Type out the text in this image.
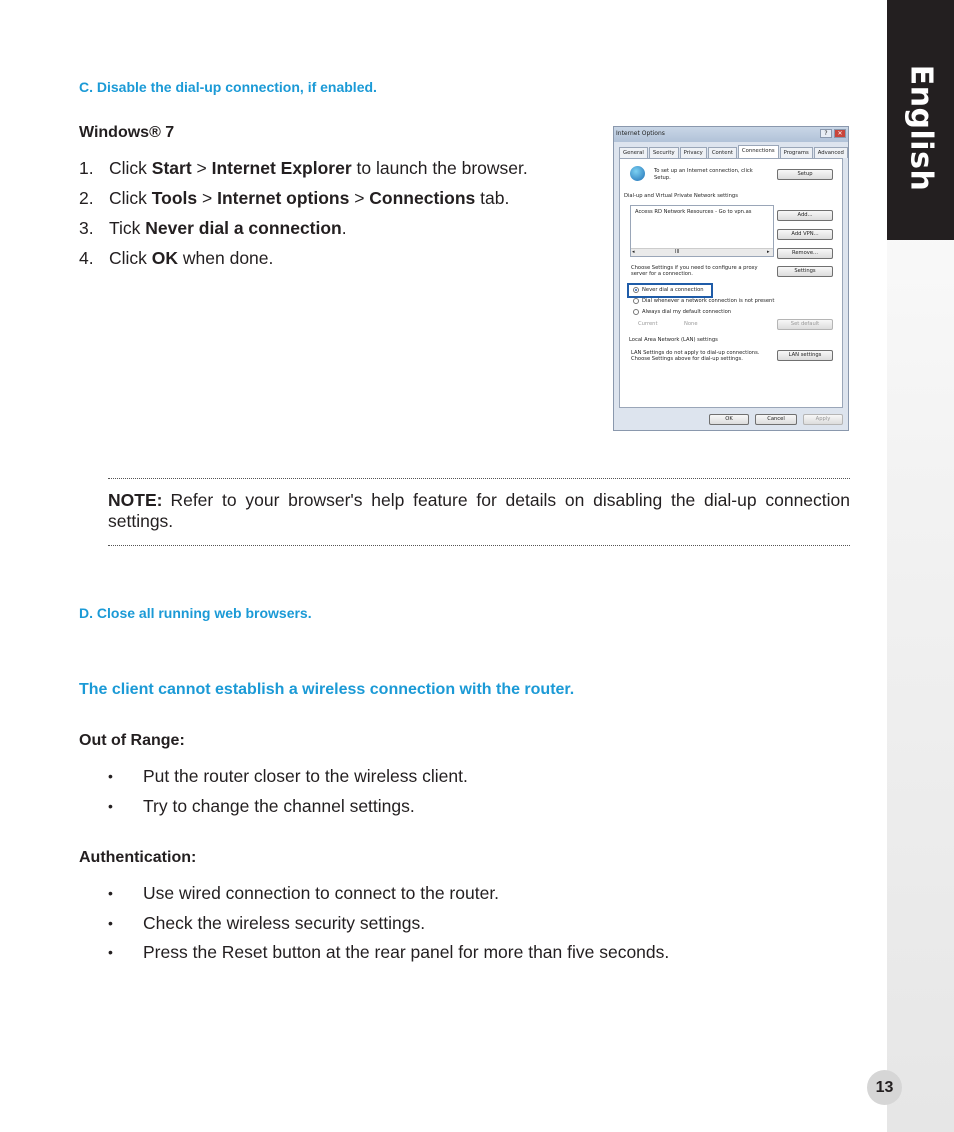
English
13
C. Disable the dial-up connection, if enabled.
Windows® 7
1. Click Start > Internet Explorer to launch the browser.
2. Click Tools > Internet options > Connections tab.
3. Tick Never dial a connection.
4. Click OK when done.
Internet Options	?	✕
General	Security	Privacy	Content	Connections	Programs	Advanced
To set up an Internet connection, click
Setup.
Setup
Dial-up and Virtual Private Network settings
Access RD Network Resources - Go to vpn.as
◂	III	▸
Add...
Add VPN...
Remove...
Choose Settings if you need to configure a proxy
server for a connection.	Settings
Never dial a connection
Dial whenever a network connection is not present
Always dial my default connection
Current	None	Set default
Local Area Network (LAN) settings
LAN Settings do not apply to dial-up connections.
Choose Settings above for dial-up settings.
LAN settings
OK	Cancel	Apply
NOTE: Refer to your browser's help feature for details on disabling the dial-up connection settings.
D. Close all running web browsers.
The client cannot establish a wireless connection with the router.
Out of Range:
•	Put the router closer to the wireless client.
•	Try to change the channel settings.
Authentication:
•	Use wired connection to connect to the router.
•	Check the wireless security settings.
•	Press the Reset button at the rear panel for more than five seconds.
